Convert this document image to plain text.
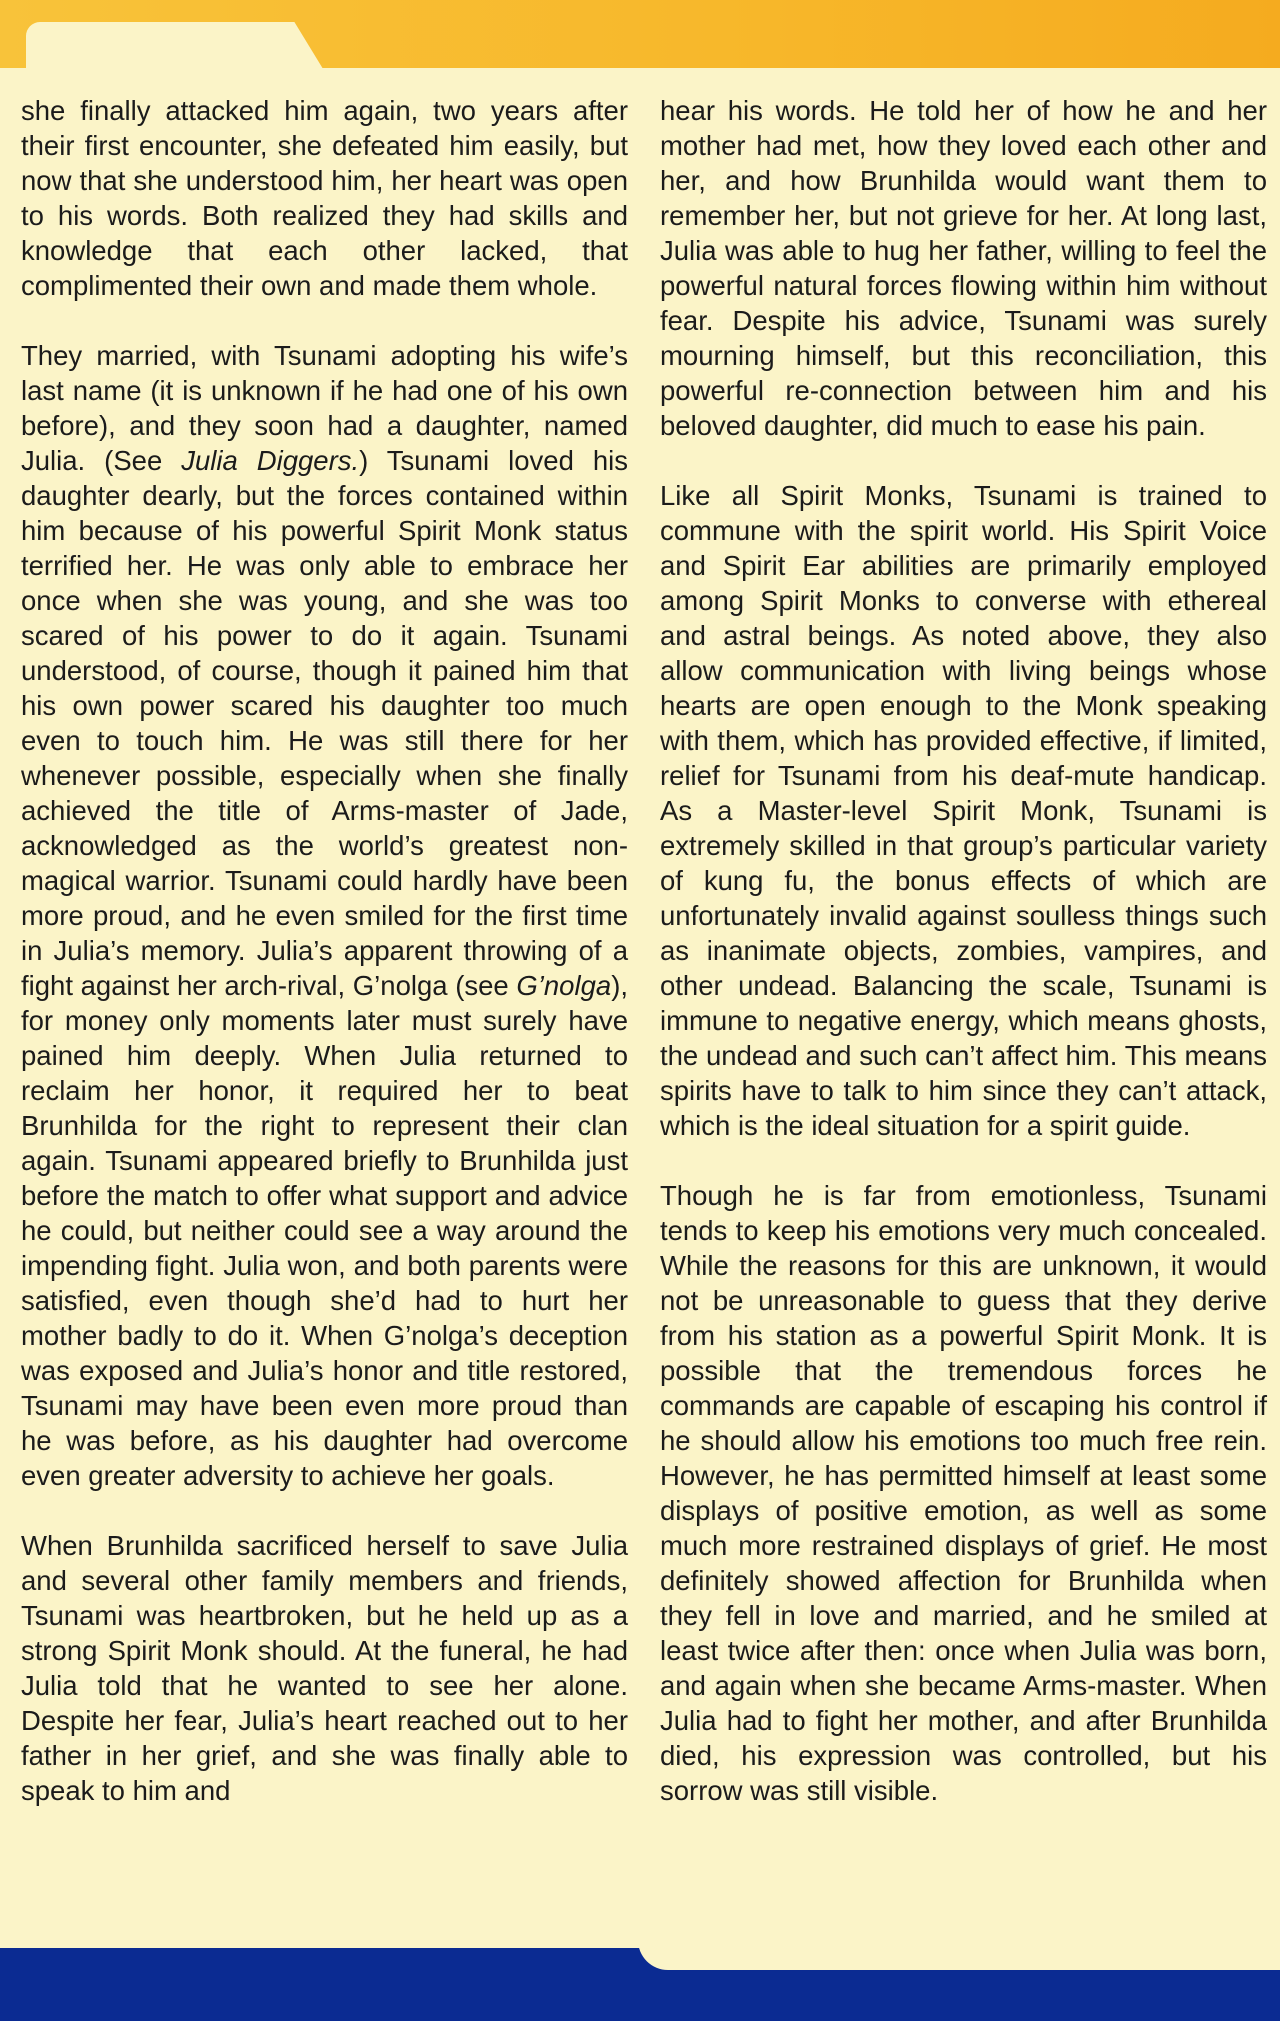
she finally attacked him again, two years after their first encounter, she defeated him easily, but now that she understood him, her heart was open to his words. Both realized they had skills and knowledge that each other lacked, that complimented their own and made them whole.

They married, with Tsunami adopting his wife’s last name (it is unknown if he had one of his own before), and they soon had a daughter, named Julia. (See Julia Diggers.) Tsunami loved his daughter dearly, but the forces contained within him because of his powerful Spirit Monk status terrified her. He was only able to embrace her once when she was young, and she was too scared of his power to do it again. Tsunami understood, of course, though it pained him that his own power scared his daughter too much even to touch him. He was still there for her whenever possible, especially when she finally achieved the title of Arms-master of Jade, acknowledged as the world’s greatest non-magical warrior. Tsunami could hardly have been more proud, and he even smiled for the first time in Julia’s memory. Julia’s apparent throwing of a fight against her arch-rival, G’nolga (see G’nolga), for money only moments later must surely have pained him deeply. When Julia returned to reclaim her honor, it required her to beat Brunhilda for the right to represent their clan again. Tsunami appeared briefly to Brunhilda just before the match to offer what support and advice he could, but neither could see a way around the impending fight. Julia won, and both parents were satisfied, even though she’d had to hurt her mother badly to do it. When G’nolga’s deception was exposed and Julia’s honor and title restored, Tsunami may have been even more proud than he was before, as his daughter had overcome even greater adversity to achieve her goals.

When Brunhilda sacrificed herself to save Julia and several other family members and friends, Tsunami was heartbroken, but he held up as a strong Spirit Monk should. At the funeral, he had Julia told that he wanted to see her alone. Despite her fear, Julia’s heart reached out to her father in her grief, and she was finally able to speak to him and

hear his words. He told her of how he and her mother had met, how they loved each other and her, and how Brunhilda would want them to remember her, but not grieve for her. At long last, Julia was able to hug her father, willing to feel the powerful natural forces flowing within him without fear. Despite his advice, Tsunami was surely mourning himself, but this reconciliation, this powerful re-connection between him and his beloved daughter, did much to ease his pain.

Like all Spirit Monks, Tsunami is trained to commune with the spirit world. His Spirit Voice and Spirit Ear abilities are primarily employed among Spirit Monks to converse with ethereal and astral beings. As noted above, they also allow communication with living beings whose hearts are open enough to the Monk speaking with them, which has provided effective, if limited, relief for Tsunami from his deaf-mute handicap. As a Master-level Spirit Monk, Tsunami is extremely skilled in that group’s particular variety of kung fu, the bonus effects of which are unfortunately invalid against soulless things such as inanimate objects, zombies, vampires, and other undead. Balancing the scale, Tsunami is immune to negative energy, which means ghosts, the undead and such can’t affect him. This means spirits have to talk to him since they can’t attack, which is the ideal situation for a spirit guide.

Though he is far from emotionless, Tsunami tends to keep his emotions very much concealed. While the reasons for this are unknown, it would not be unreasonable to guess that they derive from his station as a powerful Spirit Monk. It is possible that the tremendous forces he commands are capable of escaping his control if he should allow his emotions too much free rein. However, he has permitted himself at least some displays of positive emotion, as well as some much more restrained displays of grief. He most definitely showed affection for Brunhilda when they fell in love and married, and he smiled at least twice after then: once when Julia was born, and again when she became Arms-master. When Julia had to fight her mother, and after Brunhilda died, his expression was controlled, but his sorrow was still visible.
